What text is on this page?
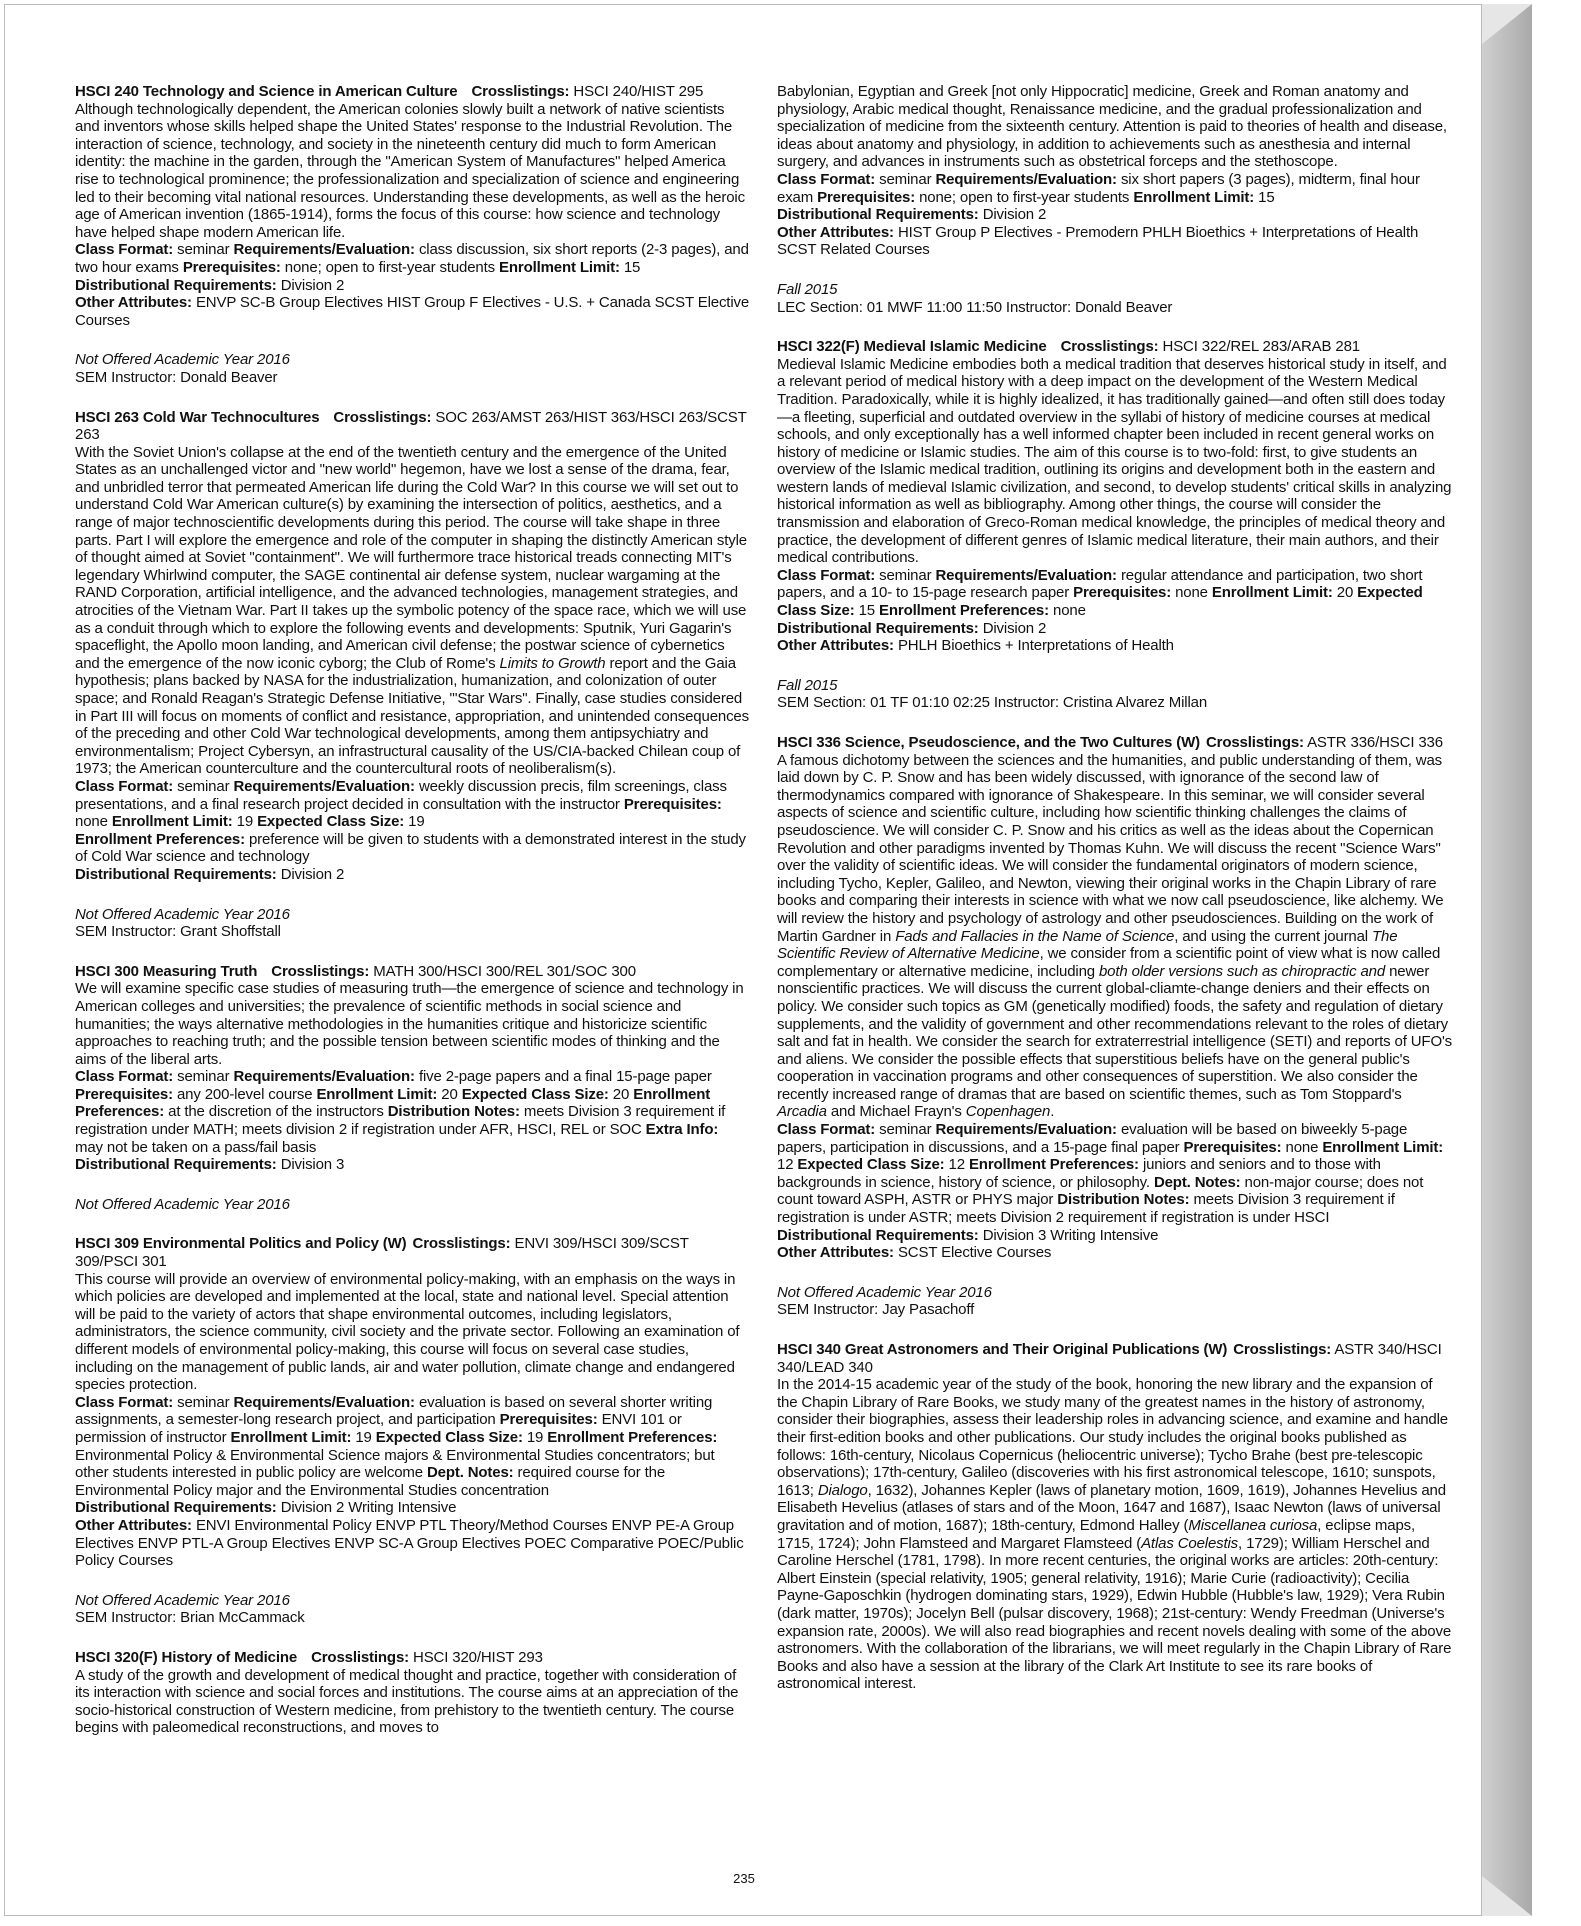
HSCI 240 Technology and Science in American Culture Crosslistings: HSCI 240/HIST 295
Although technologically dependent, the American colonies slowly built a network of native scientists and inventors whose skills helped shape the United States' response to the Industrial Revolution. The interaction of science, technology, and society in the nineteenth century did much to form American identity: the machine in the garden, through the "American System of Manufactures" helped America rise to technological prominence; the professionalization and specialization of science and engineering led to their becoming vital national resources. Understanding these developments, as well as the heroic age of American invention (1865-1914), forms the focus of this course: how science and technology have helped shape modern American life.
Class Format: seminar Requirements/Evaluation: class discussion, six short reports (2-3 pages), and two hour exams Prerequisites: none; open to first-year students Enrollment Limit: 15
Distributional Requirements: Division 2
Other Attributes: ENVP SC-B Group Electives HIST Group F Electives - U.S. + Canada SCST Elective Courses
Not Offered Academic Year 2016
SEM Instructor: Donald Beaver
HSCI 263 Cold War Technocultures Crosslistings: SOC 263/AMST 263/HIST 363/HSCI 263/SCST 263
With the Soviet Union's collapse at the end of the twentieth century and the emergence of the United States as an unchallenged victor and "new world" hegemon, have we lost a sense of the drama, fear, and unbridled terror that permeated American life during the Cold War? In this course we will set out to understand Cold War American culture(s) by examining the intersection of politics, aesthetics, and a range of major technoscientific developments during this period. The course will take shape in three parts. Part I will explore the emergence and role of the computer in shaping the distinctly American style of thought aimed at Soviet "containment". We will furthermore trace historical treads connecting MIT's legendary Whirlwind computer, the SAGE continental air defense system, nuclear wargaming at the RAND Corporation, artificial intelligence, and the advanced technologies, management strategies, and atrocities of the Vietnam War. Part II takes up the symbolic potency of the space race, which we will use as a conduit through which to explore the following events and developments: Sputnik, Yuri Gagarin's spaceflight, the Apollo moon landing, and American civil defense; the postwar science of cybernetics and the emergence of the now iconic cyborg; the Club of Rome's Limits to Growth report and the Gaia hypothesis; plans backed by NASA for the industrialization, humanization, and colonization of outer space; and Ronald Reagan's Strategic Defense Initiative, "'Star Wars". Finally, case studies considered in Part III will focus on moments of conflict and resistance, appropriation, and unintended consequences of the preceding and other Cold War technological developments, among them antipsychiatry and environmentalism; Project Cybersyn, an infrastructural causality of the US/CIA-backed Chilean coup of 1973; the American counterculture and the countercultural roots of neoliberalism(s).
Class Format: seminar Requirements/Evaluation: weekly discussion precis, film screenings, class presentations, and a final research project decided in consultation with the instructor Prerequisites: none Enrollment Limit: 19 Expected Class Size: 19
Enrollment Preferences: preference will be given to students with a demonstrated interest in the study of Cold War science and technology
Distributional Requirements: Division 2
Not Offered Academic Year 2016
SEM Instructor: Grant Shoffstall
HSCI 300 Measuring Truth Crosslistings: MATH 300/HSCI 300/REL 301/SOC 300
We will examine specific case studies of measuring truth—the emergence of science and technology in American colleges and universities; the prevalence of scientific methods in social science and humanities; the ways alternative methodologies in the humanities critique and historicize scientific approaches to reaching truth; and the possible tension between scientific modes of thinking and the aims of the liberal arts.
Class Format: seminar Requirements/Evaluation: five 2-page papers and a final 15-page paper Prerequisites: any 200-level course Enrollment Limit: 20 Expected Class Size: 20 Enrollment Preferences: at the discretion of the instructors Distribution Notes: meets Division 3 requirement if registration under MATH; meets division 2 if registration under AFR, HSCI, REL or SOC Extra Info: may not be taken on a pass/fail basis
Distributional Requirements: Division 3
Not Offered Academic Year 2016
HSCI 309 Environmental Politics and Policy (W) Crosslistings: ENVI 309/HSCI 309/SCST 309/PSCI 301
This course will provide an overview of environmental policy-making, with an emphasis on the ways in which policies are developed and implemented at the local, state and national level. Special attention will be paid to the variety of actors that shape environmental outcomes, including legislators, administrators, the science community, civil society and the private sector. Following an examination of different models of environmental policy-making, this course will focus on several case studies, including on the management of public lands, air and water pollution, climate change and endangered species protection.
Class Format: seminar Requirements/Evaluation: evaluation is based on several shorter writing assignments, a semester-long research project, and participation Prerequisites: ENVI 101 or permission of instructor Enrollment Limit: 19 Expected Class Size: 19 Enrollment Preferences: Environmental Policy & Environmental Science majors & Environmental Studies concentrators; but other students interested in public policy are welcome Dept. Notes: required course for the Environmental Policy major and the Environmental Studies concentration
Distributional Requirements: Division 2 Writing Intensive
Other Attributes: ENVI Environmental Policy ENVP PTL Theory/Method Courses ENVP PE-A Group Electives ENVP PTL-A Group Electives ENVP SC-A Group Electives POEC Comparative POEC/Public Policy Courses
Not Offered Academic Year 2016
SEM Instructor: Brian McCammack
HSCI 320(F) History of Medicine Crosslistings: HSCI 320/HIST 293
A study of the growth and development of medical thought and practice, together with consideration of its interaction with science and social forces and institutions. The course aims at an appreciation of the socio-historical construction of Western medicine, from prehistory to the twentieth century. The course begins with paleomedical reconstructions, and moves to
Babylonian, Egyptian and Greek [not only Hippocratic] medicine, Greek and Roman anatomy and physiology, Arabic medical thought, Renaissance medicine, and the gradual professionalization and specialization of medicine from the sixteenth century. Attention is paid to theories of health and disease, ideas about anatomy and physiology, in addition to achievements such as anesthesia and internal surgery, and advances in instruments such as obstetrical forceps and the stethoscope.
Class Format: seminar Requirements/Evaluation: six short papers (3 pages), midterm, final hour exam Prerequisites: none; open to first-year students Enrollment Limit: 15
Distributional Requirements: Division 2
Other Attributes: HIST Group P Electives - Premodern PHLH Bioethics + Interpretations of Health SCST Related Courses
Fall 2015
LEC Section: 01 MWF 11:00 11:50 Instructor: Donald Beaver
HSCI 322(F) Medieval Islamic Medicine Crosslistings: HSCI 322/REL 283/ARAB 281
Medieval Islamic Medicine embodies both a medical tradition that deserves historical study in itself, and a relevant period of medical history with a deep impact on the development of the Western Medical Tradition. Paradoxically, while it is highly idealized, it has traditionally gained—and often still does today—a fleeting, superficial and outdated overview in the syllabi of history of medicine courses at medical schools, and only exceptionally has a well informed chapter been included in recent general works on history of medicine or Islamic studies. The aim of this course is to two-fold: first, to give students an overview of the Islamic medical tradition, outlining its origins and development both in the eastern and western lands of medieval Islamic civilization, and second, to develop students' critical skills in analyzing historical information as well as bibliography. Among other things, the course will consider the transmission and elaboration of Greco-Roman medical knowledge, the principles of medical theory and practice, the development of different genres of Islamic medical literature, their main authors, and their medical contributions.
Class Format: seminar Requirements/Evaluation: regular attendance and participation, two short papers, and a 10- to 15-page research paper Prerequisites: none Enrollment Limit: 20 Expected Class Size: 15 Enrollment Preferences: none
Distributional Requirements: Division 2
Other Attributes: PHLH Bioethics + Interpretations of Health
Fall 2015
SEM Section: 01 TF 01:10 02:25 Instructor: Cristina Alvarez Millan
HSCI 336 Science, Pseudoscience, and the Two Cultures (W) Crosslistings: ASTR 336/HSCI 336
A famous dichotomy between the sciences and the humanities, and public understanding of them, was laid down by C. P. Snow and has been widely discussed, with ignorance of the second law of thermodynamics compared with ignorance of Shakespeare. In this seminar, we will consider several aspects of science and scientific culture, including how scientific thinking challenges the claims of pseudoscience. We will consider C. P. Snow and his critics as well as the ideas about the Copernican Revolution and other paradigms invented by Thomas Kuhn. We will discuss the recent "Science Wars" over the validity of scientific ideas. We will consider the fundamental originators of modern science, including Tycho, Kepler, Galileo, and Newton, viewing their original works in the Chapin Library of rare books and comparing their interests in science with what we now call pseudoscience, like alchemy. We will review the history and psychology of astrology and other pseudosciences. Building on the work of Martin Gardner in Fads and Fallacies in the Name of Science, and using the current journal The Scientific Review of Alternative Medicine, we consider from a scientific point of view what is now called complementary or alternative medicine, including both older versions such as chiropractic and newer nonscientific practices. We will discuss the current global-cliamte-change deniers and their effects on policy. We consider such topics as GM (genetically modified) foods, the safety and regulation of dietary supplements, and the validity of government and other recommendations relevant to the roles of dietary salt and fat in health. We consider the search for extraterrestrial intelligence (SETI) and reports of UFO's and aliens. We consider the possible effects that superstitious beliefs have on the general public's cooperation in vaccination programs and other consequences of superstition. We also consider the recently increased range of dramas that are based on scientific themes, such as Tom Stoppard's Arcadia and Michael Frayn's Copenhagen.
Class Format: seminar Requirements/Evaluation: evaluation will be based on biweekly 5-page papers, participation in discussions, and a 15-page final paper Prerequisites: none Enrollment Limit: 12 Expected Class Size: 12 Enrollment Preferences: juniors and seniors and to those with backgrounds in science, history of science, or philosophy. Dept. Notes: non-major course; does not count toward ASPH, ASTR or PHYS major Distribution Notes: meets Division 3 requirement if registration is under ASTR; meets Division 2 requirement if registration is under HSCI
Distributional Requirements: Division 3 Writing Intensive
Other Attributes: SCST Elective Courses
Not Offered Academic Year 2016
SEM Instructor: Jay Pasachoff
HSCI 340 Great Astronomers and Their Original Publications (W) Crosslistings: ASTR 340/HSCI 340/LEAD 340
In the 2014-15 academic year of the study of the book, honoring the new library and the expansion of the Chapin Library of Rare Books, we study many of the greatest names in the history of astronomy, consider their biographies, assess their leadership roles in advancing science, and examine and handle their first-edition books and other publications. Our study includes the original books published as follows: 16th-century, Nicolaus Copernicus (heliocentric universe); Tycho Brahe (best pre-telescopic observations); 17th-century, Galileo (discoveries with his first astronomical telescope, 1610; sunspots, 1613; Dialogo, 1632), Johannes Kepler (laws of planetary motion, 1609, 1619), Johannes Hevelius and Elisabeth Hevelius (atlases of stars and of the Moon, 1647 and 1687), Isaac Newton (laws of universal gravitation and of motion, 1687); 18th-century, Edmond Halley (Miscellanea curiosa, eclipse maps, 1715, 1724); John Flamsteed and Margaret Flamsteed (Atlas Coelestis, 1729); William Herschel and Caroline Herschel (1781, 1798). In more recent centuries, the original works are articles: 20th-century: Albert Einstein (special relativity, 1905; general relativity, 1916); Marie Curie (radioactivity); Cecilia Payne-Gaposchkin (hydrogen dominating stars, 1929), Edwin Hubble (Hubble's law, 1929); Vera Rubin (dark matter, 1970s); Jocelyn Bell (pulsar discovery, 1968); 21st-century: Wendy Freedman (Universe's expansion rate, 2000s). We will also read biographies and recent novels dealing with some of the above astronomers. With the collaboration of the librarians, we will meet regularly in the Chapin Library of Rare Books and also have a session at the library of the Clark Art Institute to see its rare books of astronomical interest.
235
